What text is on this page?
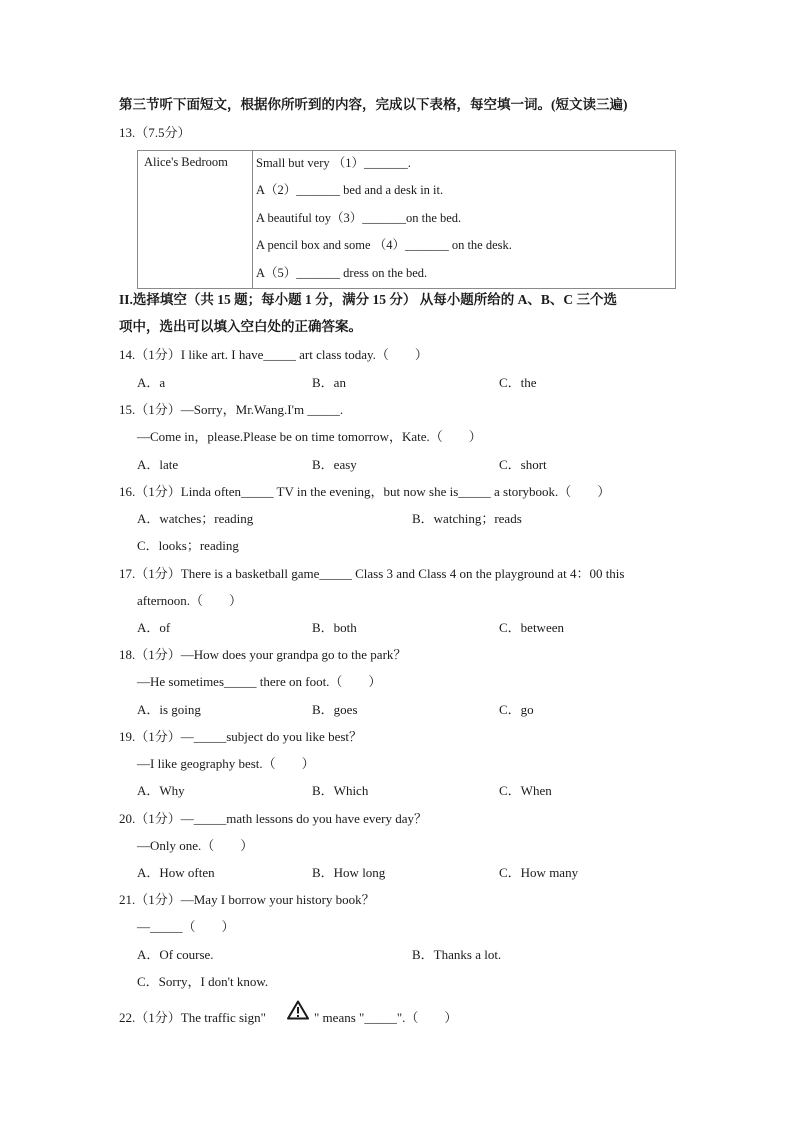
第三节听下面短文，根据你所听到的内容，完成以下表格，每空填一词。(短文读三遍)
13.（7.5分）
Alice's Bedroom	Small but very （1）_______.
A（2）_______ bed and a desk in it.
A beautiful toy（3）_______on the bed.
A pencil box and some （4）_______ on the desk.
A（5）_______ dress on the bed.
II.选择填空（共 15 题；每小题 1 分，满分 15 分） 从每小题所给的 A、B、C 三个选
项中，选出可以填入空白处的正确答案。
14.（1分）I like art. I have_____ art class today.（　　）
A．a	B．an	C．the
15.（1分）—Sorry，Mr.Wang.I'm _____.
—Come in，please.Please be on time tomorrow，Kate.（　　）
A．late	B．easy	C．short
16.（1分）Linda often_____ TV in the evening，but now she is_____ a storybook.（　　）
A．watches；reading	B．watching；reads
C．looks；reading
17.（1分）There is a basketball game_____ Class 3 and Class 4 on the playground at 4：00 this
afternoon.（　　）
A．of	B．both	C．between
18.（1分）—How does your grandpa go to the park？
—He sometimes_____ there on foot.（　　）
A．is going	B．goes	C．go
19.（1分）—_____subject do you like best？
—I like geography best.（　　）
A．Why	B．Which	C．When
20.（1分）—_____math lessons do you have every day？
—Only one.（　　）
A．How often	B．How long	C．How many
21.（1分）—May I borrow your history book？
—_____（　　）
A．Of course.	B．Thanks a lot.
C．Sorry，I don't know.
22.（1分）The traffic sign"	" means "_____".（　　）
